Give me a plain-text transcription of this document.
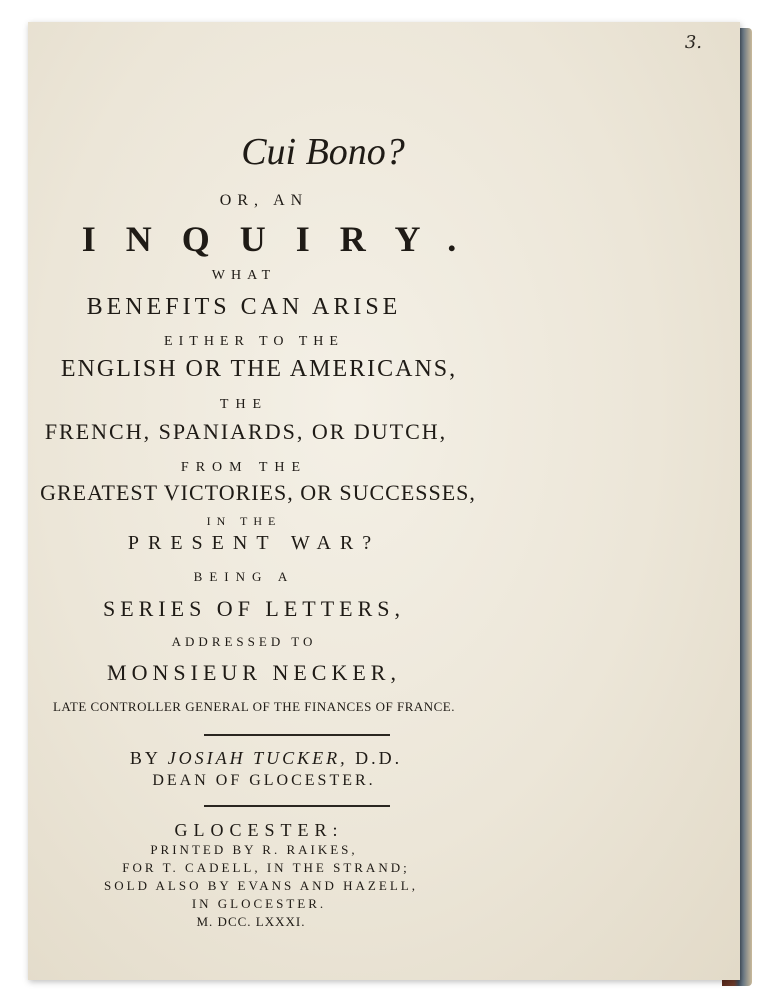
3.
Cui Bono?
OR, AN
INQUIRY.
WHAT
BENEFITS CAN ARISE
EITHER TO THE
ENGLISH OR THE AMERICANS,
THE
FRENCH, SPANIARDS, OR DUTCH,
FROM THE
GREATEST VICTORIES, OR SUCCESSES,
IN THE
PRESENT WAR?
BEING A
SERIES OF LETTERS,
ADDRESSED TO
MONSIEUR NECKER,
LATE CONTROLLER GENERAL OF THE FINANCES OF FRANCE.
BY JOSIAH TUCKER, D.D.
DEAN OF GLOCESTER.
GLOCESTER:
PRINTED BY R. RAIKES,
FOR T. CADELL, IN THE STRAND;
SOLD ALSO BY EVANS AND HAZELL,
IN GLOCESTER.
M. DCC. LXXXI.
